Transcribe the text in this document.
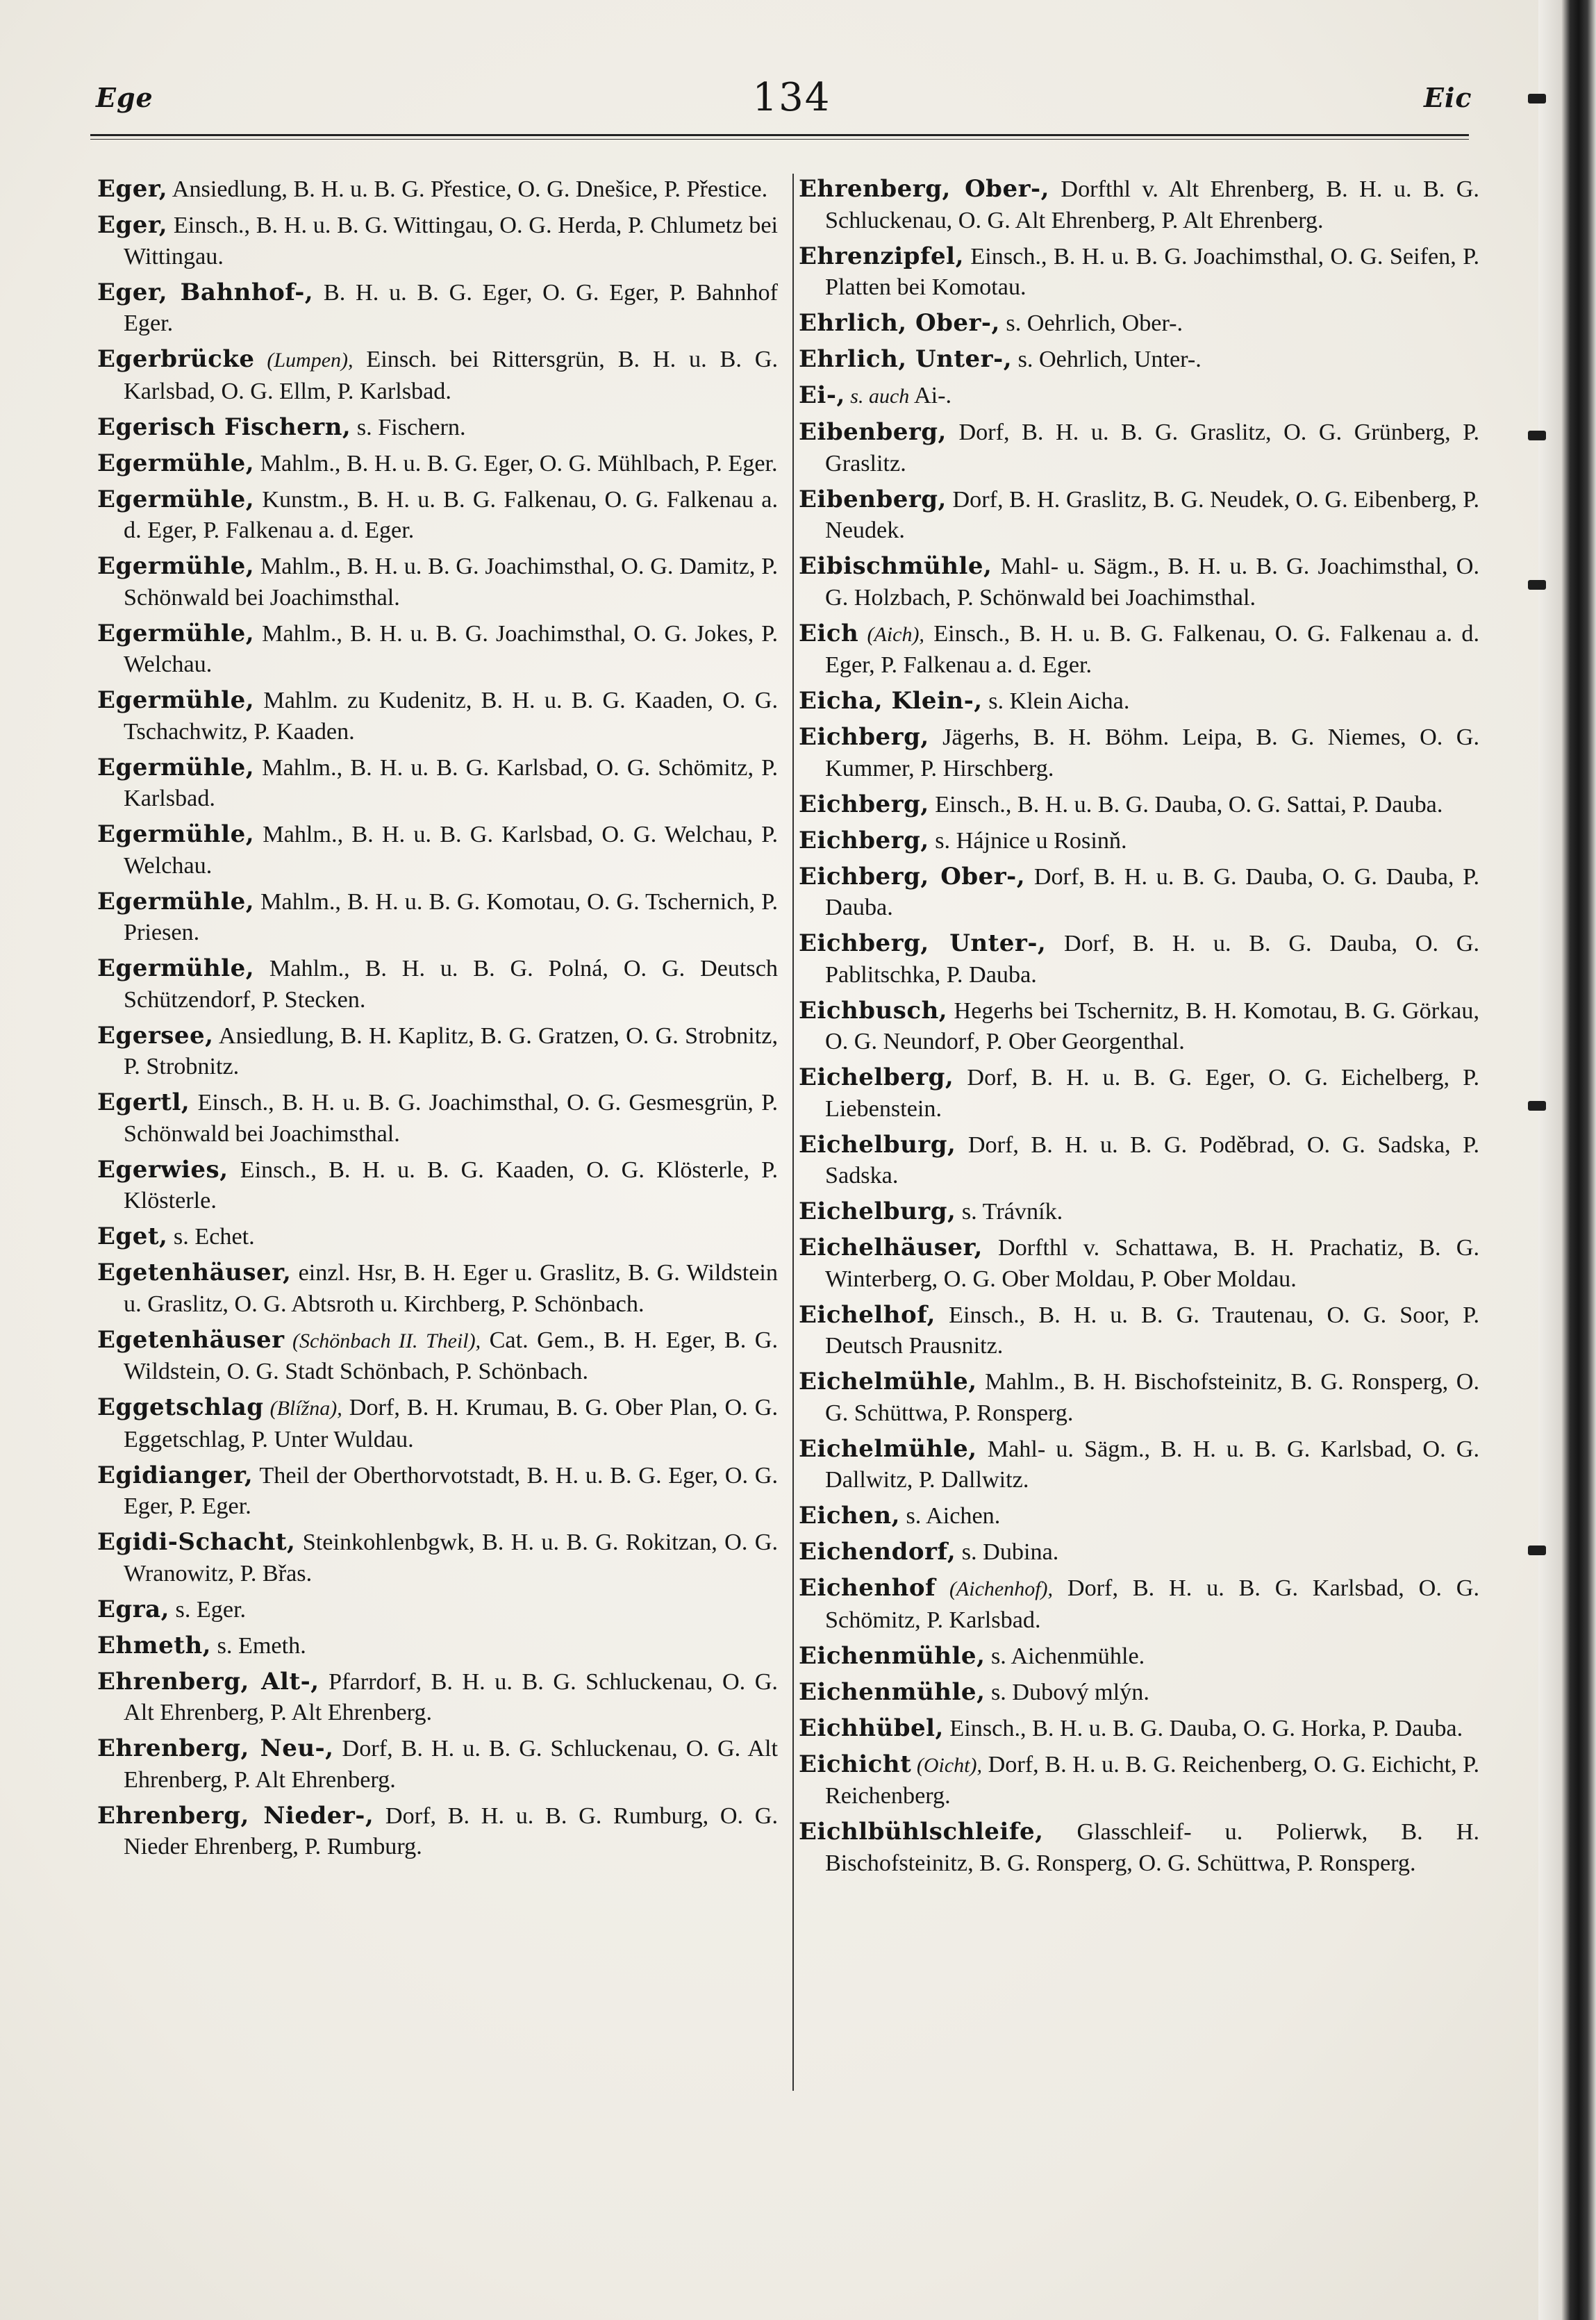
Ege	134	Eic

Eger, Ansiedlung, B. H. u. B. G. Přestice, O. G. Dnešice, P. Přestice.

Eger, Einsch., B. H. u. B. G. Wittingau, O. G. Herda, P. Chlumetz bei Wittingau.

Eger, Bahnhof-, B. H. u. B. G. Eger, O. G. Eger, P. Bahnhof Eger.

Egerbrücke (Lumpen), Einsch. bei Rittersgrün, B. H. u. B. G. Karlsbad, O. G. Ellm, P. Karlsbad.

Egerisch Fischern, s. Fischern.

Egermühle, Mahlm., B. H. u. B. G. Eger, O. G. Mühlbach, P. Eger.

Egermühle, Kunstm., B. H. u. B. G. Falkenau, O. G. Falkenau a. d. Eger, P. Falkenau a. d. Eger.

Egermühle, Mahlm., B. H. u. B. G. Joachimsthal, O. G. Damitz, P. Schönwald bei Joachimsthal.

Egermühle, Mahlm., B. H. u. B. G. Joachimsthal, O. G. Jokes, P. Welchau.

Egermühle, Mahlm. zu Kudenitz, B. H. u. B. G. Kaaden, O. G. Tschachwitz, P. Kaaden.

Egermühle, Mahlm., B. H. u. B. G. Karlsbad, O. G. Schömitz, P. Karlsbad.

Egermühle, Mahlm., B. H. u. B. G. Karlsbad, O. G. Welchau, P. Welchau.

Egermühle, Mahlm., B. H. u. B. G. Komotau, O. G. Tschernich, P. Priesen.

Egermühle, Mahlm., B. H. u. B. G. Polná, O. G. Deutsch Schützendorf, P. Stecken.

Egersee, Ansiedlung, B. H. Kaplitz, B. G. Gratzen, O. G. Strobnitz, P. Strobnitz.

Egertl, Einsch., B. H. u. B. G. Joachimsthal, O. G. Gesmesgrün, P. Schönwald bei Joachimsthal.

Egerwies, Einsch., B. H. u. B. G. Kaaden, O. G. Klösterle, P. Klösterle.

Eget, s. Echet.

Egetenhäuser, einzl. Hsr, B. H. Eger u. Graslitz, B. G. Wildstein u. Graslitz, O. G. Abtsroth u. Kirchberg, P. Schönbach.

Egetenhäuser (Schönbach II. Theil), Cat. Gem., B. H. Eger, B. G. Wildstein, O. G. Stadt Schönbach, P. Schönbach.

Eggetschlag (Blížna), Dorf, B. H. Krumau, B. G. Ober Plan, O. G. Eggetschlag, P. Unter Wuldau.

Egidianger, Theil der Oberthorvotstadt, B. H. u. B. G. Eger, O. G. Eger, P. Eger.

Egidi-Schacht, Steinkohlenbgwk, B. H. u. B. G. Rokitzan, O. G. Wranowitz, P. Břas.

Egra, s. Eger.

Ehmeth, s. Emeth.

Ehrenberg, Alt-, Pfarrdorf, B. H. u. B. G. Schluckenau, O. G. Alt Ehrenberg, P. Alt Ehrenberg.

Ehrenberg, Neu-, Dorf, B. H. u. B. G. Schluckenau, O. G. Alt Ehrenberg, P. Alt Ehrenberg.

Ehrenberg, Nieder-, Dorf, B. H. u. B. G. Rumburg, O. G. Nieder Ehrenberg, P. Rumburg.

Ehrenberg, Ober-, Dorfthl v. Alt Ehrenberg, B. H. u. B. G. Schluckenau, O. G. Alt Ehrenberg, P. Alt Ehrenberg.

Ehrenzipfel, Einsch., B. H. u. B. G. Joachimsthal, O. G. Seifen, P. Platten bei Komotau.

Ehrlich, Ober-, s. Oehrlich, Ober-.

Ehrlich, Unter-, s. Oehrlich, Unter-.

Ei-, s. auch Ai-.

Eibenberg, Dorf, B. H. u. B. G. Graslitz, O. G. Grünberg, P. Graslitz.

Eibenberg, Dorf, B. H. Graslitz, B. G. Neudek, O. G. Eibenberg, P. Neudek.

Eibischmühle, Mahl- u. Sägm., B. H. u. B. G. Joachimsthal, O. G. Holzbach, P. Schönwald bei Joachimsthal.

Eich (Aich), Einsch., B. H. u. B. G. Falkenau, O. G. Falkenau a. d. Eger, P. Falkenau a. d. Eger.

Eicha, Klein-, s. Klein Aicha.

Eichberg, Jägerhs, B. H. Böhm. Leipa, B. G. Niemes, O. G. Kummer, P. Hirschberg.

Eichberg, Einsch., B. H. u. B. G. Dauba, O. G. Sattai, P. Dauba.

Eichberg, s. Hájnice u Rosinň.

Eichberg, Ober-, Dorf, B. H. u. B. G. Dauba, O. G. Dauba, P. Dauba.

Eichberg, Unter-, Dorf, B. H. u. B. G. Dauba, O. G. Pablitschka, P. Dauba.

Eichbusch, Hegerhs bei Tschernitz, B. H. Komotau, B. G. Görkau, O. G. Neundorf, P. Ober Georgenthal.

Eichelberg, Dorf, B. H. u. B. G. Eger, O. G. Eichelberg, P. Liebenstein.

Eichelburg, Dorf, B. H. u. B. G. Poděbrad, O. G. Sadska, P. Sadska.

Eichelburg, s. Trávník.

Eichelhäuser, Dorfthl v. Schattawa, B. H. Prachatiz, B. G. Winterberg, O. G. Ober Moldau, P. Ober Moldau.

Eichelhof, Einsch., B. H. u. B. G. Trautenau, O. G. Soor, P. Deutsch Prausnitz.

Eichelmühle, Mahlm., B. H. Bischofsteinitz, B. G. Ronsperg, O. G. Schüttwa, P. Ronsperg.

Eichelmühle, Mahl- u. Sägm., B. H. u. B. G. Karlsbad, O. G. Dallwitz, P. Dallwitz.

Eichen, s. Aichen.

Eichendorf, s. Dubina.

Eichenhof (Aichenhof), Dorf, B. H. u. B. G. Karlsbad, O. G. Schömitz, P. Karlsbad.

Eichenmühle, s. Aichenmühle.

Eichenmühle, s. Dubový mlýn.

Eichhübel, Einsch., B. H. u. B. G. Dauba, O. G. Horka, P. Dauba.

Eichicht (Oicht), Dorf, B. H. u. B. G. Reichenberg, O. G. Eichicht, P. Reichenberg.

Eichlbühlschleife, Glasschleif- u. Polierwk, B. H. Bischofsteinitz, B. G. Ronsperg, O. G. Schüttwa, P. Ronsperg.
